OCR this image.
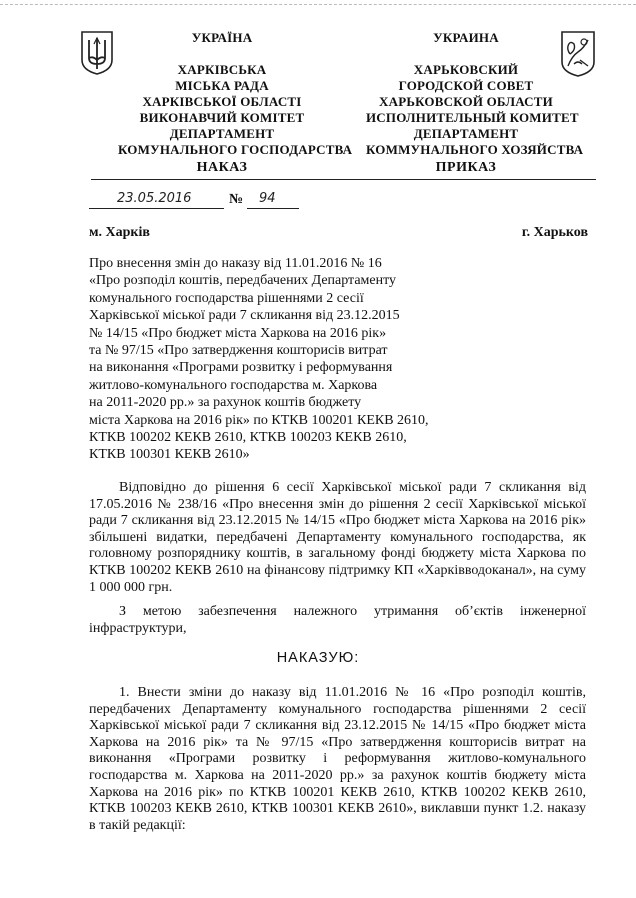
УКРАЇНА
ХАРКІВСЬКА
МІСЬКА РАДА
ХАРКІВСЬКОЇ ОБЛАСТІ
ВИКОНАВЧИЙ КОМІТЕТ
ДЕПАРТАМЕНТ
КОМУНАЛЬНОГО ГОСПОДАРСТВА
УКРАИНА
ХАРЬКОВСКИЙ
ГОРОДСКОЙ СОВЕТ
ХАРЬКОВСКОЙ ОБЛАСТИ
ИСПОЛНИТЕЛЬНЫЙ КОМИТЕТ
ДЕПАРТАМЕНТ
КОММУНАЛЬНОГО ХОЗЯЙСТВА
НАКАЗ	ПРИКАЗ
23.05.2016	№ 94
м. Харків	г. Харьков
Про внесення змін до наказу від 11.01.2016 № 16
«Про розподіл коштів, передбачених Департаменту
комунального господарства рішеннями 2 сесії
Харківської міської ради 7 скликання від 23.12.2015
№ 14/15 «Про бюджет міста Харкова на 2016 рік»
та № 97/15 «Про затвердження кошторисів витрат
на виконання «Програми розвитку і реформування
житлово-комунального господарства м. Харкова
на 2011-2020 рр.» за рахунок коштів бюджету
міста Харкова на 2016 рік» по КТКВ 100201 КЕКВ 2610,
КТКВ 100202 КЕКВ 2610, КТКВ 100203 КЕКВ 2610,
КТКВ 100301 КЕКВ 2610»
Відповідно до рішення 6 сесії Харківської міської ради 7 скликання від 17.05.2016 № 238/16 «Про внесення змін до рішення 2 сесії Харківської міської ради 7 скликання від 23.12.2015 № 14/15 «Про бюджет міста Харкова на 2016 рік» збільшені видатки, передбачені Департаменту комунального господарства, як головному розпоряднику коштів, в загальному фонді бюджету міста Харкова по КТКВ 100202 КЕКВ 2610 на фінансову підтримку КП «Харківводоканал», на суму 1 000 000 грн.
З метою забезпечення належного утримання об’єктів інженерної інфраструктури,
НАКАЗУЮ:
1. Внести зміни до наказу від 11.01.2016 № 16 «Про розподіл коштів, передбачених Департаменту комунального господарства рішеннями 2 сесії Харківської міської ради 7 скликання від 23.12.2015 № 14/15 «Про бюджет міста Харкова на 2016 рік» та № 97/15 «Про затвердження кошторисів витрат на виконання «Програми розвитку і реформування житлово-комунального господарства м. Харкова на 2011-2020 рр.» за рахунок коштів бюджету міста Харкова на 2016 рік» по КТКВ 100201 КЕКВ 2610, КТКВ 100202 КЕКВ 2610, КТКВ 100203 КЕКВ 2610, КТКВ 100301 КЕКВ 2610», виклавши пункт 1.2. наказу в такій редакції:
